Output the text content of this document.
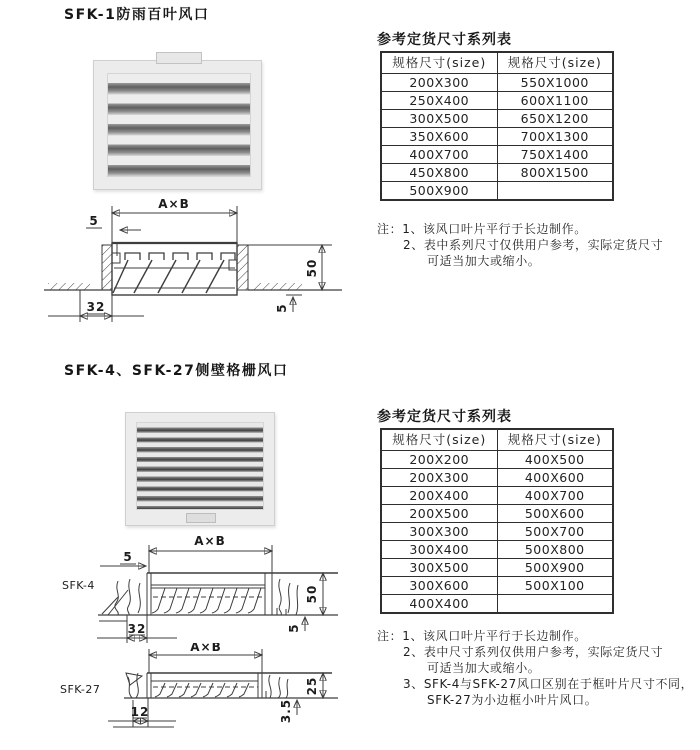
SFK-1防雨百叶风口
A×B
5
50
5
32
参考定货尺寸系列表
规格尺寸(size)	规格尺寸(size)
200X300	550X1000
250X400	600X1100
300X500	650X1200
350X600	700X1300
400X700	750X1400
450X800	800X1500
500X900	
注：1、该风口叶片平行于长边制作。
2、表中系列尺寸仅供用户参考，实际定货尺寸
可适当加大或缩小。
SFK-4、SFK-27侧壁格栅风口
SFK-4
A×B
5
50
5
32
SFK-27
A×B
25
3.5
12
参考定货尺寸系列表
规格尺寸(size)	规格尺寸(size)
200X200	400X500
200X300	400X600
200X400	400X700
200X500	500X600
300X300	500X700
300X400	500X800
300X500	500X900
300X600	500X100
400X400	
注：1、该风口叶片平行于长边制作。
2、表中尺寸系列仅供用户参考，实际定货尺寸
可适当加大或缩小。
3、SFK-4与SFK-27风口区别在于框叶片尺寸不同，
SFK-27为小边框小叶片风口。
